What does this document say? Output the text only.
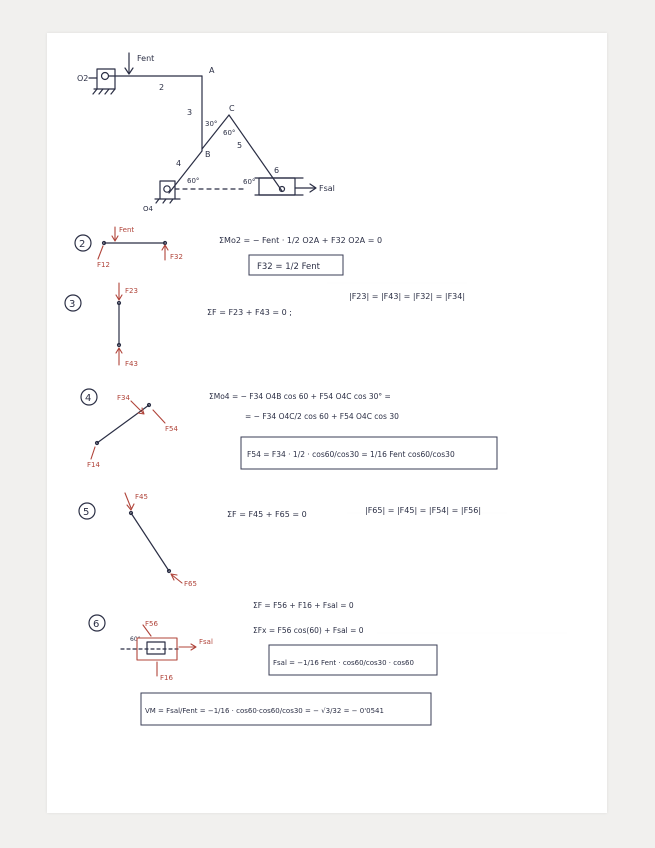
O2
Fent
2
A
3
30°
C
60°
5
B
4
60°
O4
60°
6
Fsal
2
Fent
F12
F32
ΣMo2 = − Fent · 1/2 O2A + F32 O2A = 0
F32 = 1/2 Fent
3
F23
F43
ΣF = F23 + F43 = 0 ;
|F23| = |F43| = |F32| = |F34|
4	F34
F54
F14
ΣMo4 = − F34 O4B cos 60 + F54 O4C cos 30° =
= − F34 O4C/2 cos 60 + F54 O4C cos 30
F54 = F34 · 1/2 · cos60/cos30 = 1/16 Fent cos60/cos30
5
F45
F65
ΣF = F45 + F65 = 0	|F65| = |F45| = |F54| = |F56|
6	F56
60°	Fsal
F16
ΣF = F56 + F16 + Fsal = 0
ΣFx = F56 cos(60) + Fsal = 0
Fsal = −1/16 Fent · cos60/cos30 · cos60
VM = Fsal/Fent = −1/16 · cos60·cos60/cos30 = − √3/32 = − 0'0541
